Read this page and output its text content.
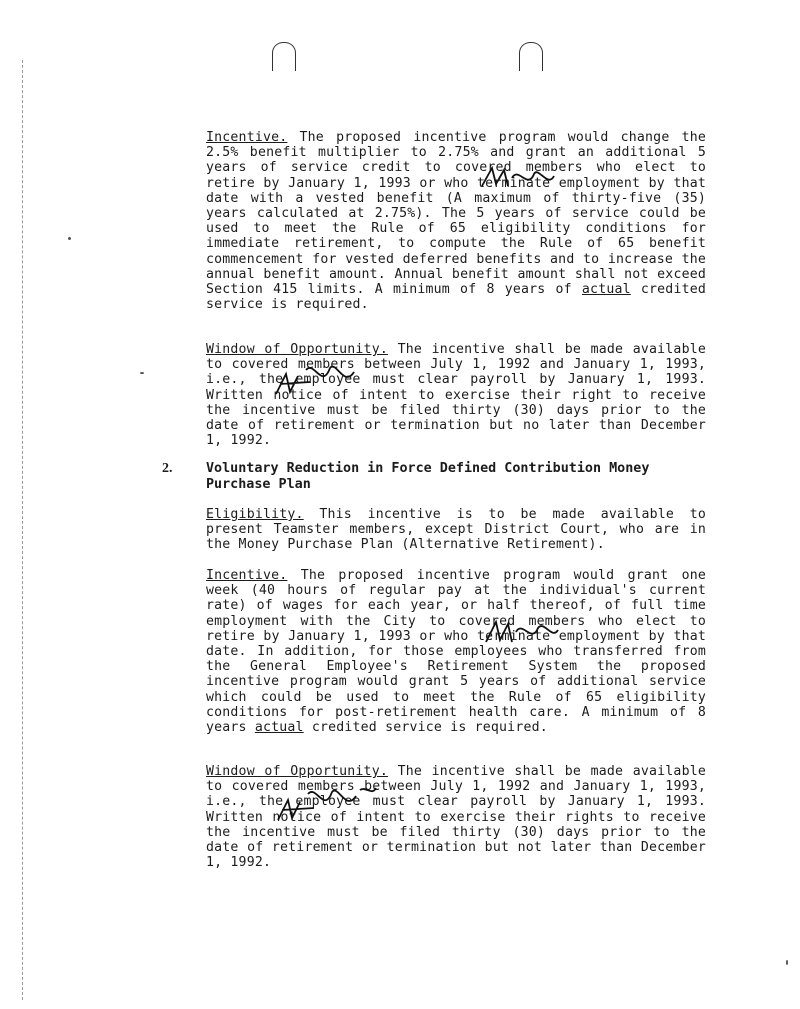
Incentive. The proposed incentive program would change the 2.5% benefit multiplier to 2.75% and grant an additional 5 years of service credit to covered members who elect to retire by January 1, 1993 or who terminate employment by that date with a vested benefit (A maximum of thirty-five (35) years calculated at 2.75%). The 5 years of service could be used to meet the Rule of 65 eligibility conditions for immediate retirement, to compute the Rule of 65 benefit commencement for vested deferred benefits and to increase the annual benefit amount. Annual benefit amount shall not exceed Section 415 limits. A minimum of 8 years of actual credited service is required.

Window of Opportunity. The incentive shall be made available to covered members between July 1, 1992 and January 1, 1993, i.e., the employee must clear payroll by January 1, 1993. Written notice of intent to exercise their right to receive the incentive must be filed thirty (30) days prior to the date of retirement or termination but no later than December 1, 1992.

2.	Voluntary Reduction in Force Defined Contribution Money Purchase Plan

Eligibility. This incentive is to be made available to present Teamster members, except District Court, who are in the Money Purchase Plan (Alternative Retirement).

Incentive. The proposed incentive program would grant one week (40 hours of regular pay at the individual's current rate) of wages for each year, or half thereof, of full time employment with the City to covered members who elect to retire by January 1, 1993 or who terminate employment by that date. In addition, for those employees who transferred from the General Employee's Retirement System the proposed incentive program would grant 5 years of additional service which could be used to meet the Rule of 65 eligibility conditions for post-retirement health care. A minimum of 8 years actual credited service is required.

Window of Opportunity. The incentive shall be made available to covered members between July 1, 1992 and January 1, 1993, i.e., the employee must clear payroll by January 1, 1993. Written notice of intent to exercise their rights to receive the incentive must be filed thirty (30) days prior to the date of retirement or termination but not later than December 1, 1992.
